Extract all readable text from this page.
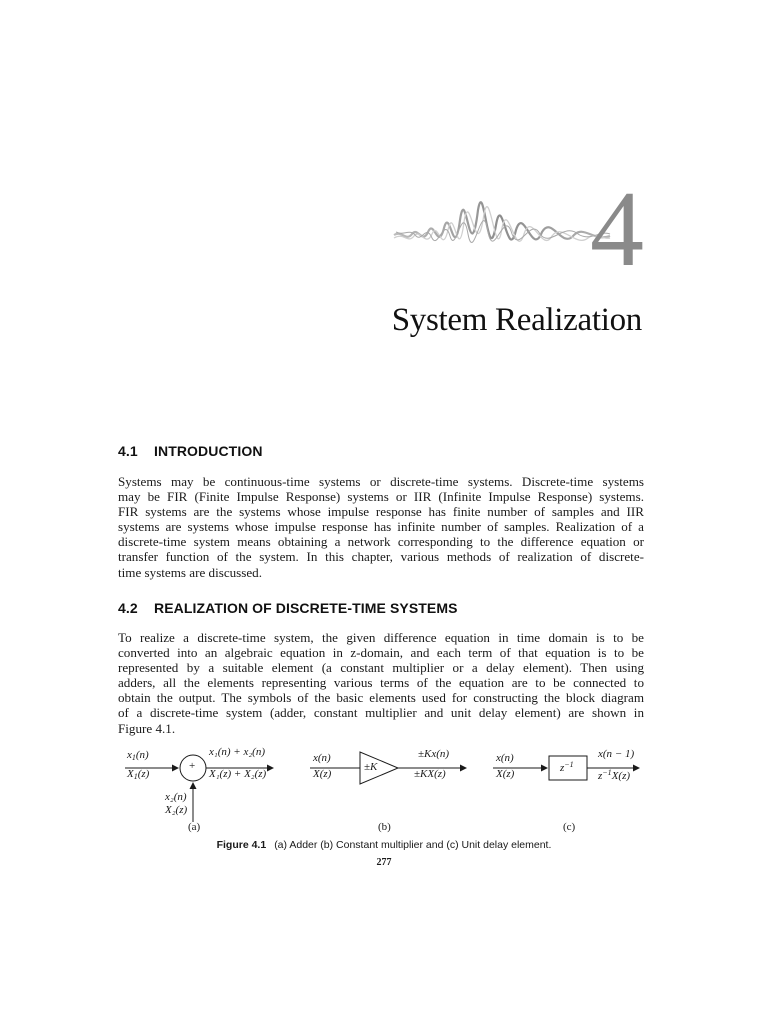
4
System Realization
4.1 INTRODUCTION
Systems may be continuous-time systems or discrete-time systems. Discrete-time systems
may be FIR (Finite Impulse Response) systems or IIR (Infinite Impulse Response) systems.
FIR systems are the systems whose impulse response has finite number of samples and IIR
systems are systems whose impulse response has infinite number of samples. Realization of a
discrete-time system means obtaining a network corresponding to the difference equation or
transfer function of the system. In this chapter, various methods of realization of discrete-
time systems are discussed.
4.2 REALIZATION OF DISCRETE-TIME SYSTEMS
To realize a discrete-time system, the given difference equation in time domain is to be
converted into an algebraic equation in z-domain, and each term of that equation is to be
represented by a suitable element (a constant multiplier or a delay element). Then using
adders, all the elements representing various terms of the equation are to be connected to
obtain the output. The symbols of the basic elements used for constructing the block diagram
of a discrete-time system (adder, constant multiplier and unit delay element) are shown in
Figure 4.1.
$x_1(n)$
$X_1(z)$
+
x₁(n) + x₂(n)
X₁(z) + X₂(z)
x₂(n)
X₂(z)
(a)
x(n)
X(z)
±K
±Kx(n)
±KX(z)
(b)
x(n)
X(z)	$z^{-1}$
x(n − 1)
$z^{-1}X(z)$
(c)
Figure 4.1 (a) Adder (b) Constant multiplier and (c) Unit delay element.
277
